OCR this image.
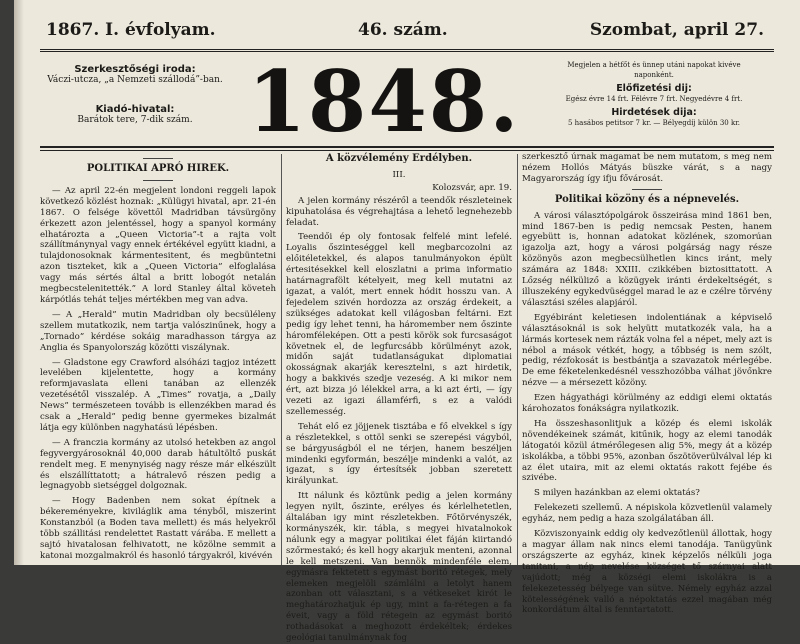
1867. I. évfolyam.	46. szám.	Szombat, april 27.
Szerkesztőségi iroda:
Váczi-utcza, „a Nemzeti szállodá”-ban.
Kiadó-hivatal:
Barátok tere, 7-dik szám. 1848.	Megjelen a hétfőt és ünnep utáni napokat kivéve naponként.
Előfizetési dij:
Egész évre 14 frt. Félévre 7 frt. Negyedévre 4 frt.
Hirdetések dija:
5 hasábos petitsor 7 kr. — Bélyegdíj külön 30 kr.

POLITIKAI APRÓ HIREK.

— Az april 22-én megjelent londoni reggeli lapok következő közlést hoznak: „Külügyi hivatal, apr. 21-én 1867. O felsége követtől Madridban távsürgöny érkezett azon jelentéssel, hogy a spanyol kormány elhatározta a „Queen Victoria”-t a rajta volt szállítmánynyal vagy ennek értékével együtt kiadni, a tulajdonosoknak kármentesitent, és megbüntetni azon tiszteket, kik a „Queen Victoria” elfoglalása vagy más sértés által a britt lobogót netalán megbecstelenitették.” A lord Stanley által követeh kárpótlás tehát teljes mértékben meg van adva.

— A „Herald” mutin Madridban oly becsüléleny szellem mutatkozik, nem tartja valószinűnek, hogy a „Tornado” kérdése sokáig maradhasson tárgya az Anglia és Spanyolország közötti viszálynak.

— Gladstone egy Crawford alsóházi tagjoz intézett levelében kijelentette, hogy a kormány reformjavaslata elleni tanában az ellenzék vezetésétől visszalép. A „Times” rovatja, a „Daily News” természeteen tovább is ellenzékben marad és csak a „Herald” pedig benne gyermekes bizalmát látja egy különben nagyhatású lépésben.

— A franczia kormány az utolsó hetekben az angol fegyvergyárosoknál 40,000 darab hátultöltő puskát rendelt meg. E menynyiség nagy része már elkészült és elszállíttatott; a hátralevő részen pedig a legnagyobb sietséggel dolgoznak.

— Hogy Badenben nem sokat építnek a békereményekre, kiviláglik ama tényből, miszerint Konstanzból (a Boden tava mellett) és más helyekről több szállitási rendelettet Rastatt várába. E mellett a sajtó hivatalosan felhivatott, ne közölne semmit a katonai mozgalmakról és hasonló tárgyakról, kivévén

A közvélemény Erdélyben.

III.

Kolozsvár, apr. 19.

A jelen kormány részéről a teendők részleteinek kipuhatolása és végrehajtása a lehető legnehezebb feladat.

Teendői ép oly fontosak felfelé mint lefelé. Loyalis őszinteséggel kell megbarcozolni az előitéletekkel, és alapos tanulmányokon épült értesitésekkel kell eloszlatni a prima informatio határnagrafölt kételyeit, meg kell mutatni az igazat, a valót, mert ennek hódit hosszu van. A fejedelem szivén hordozza az ország érdekeit, a szükséges adatokat kell világosban feltárni. Ezt pedig így lehet tenni, ha háromember nem őszinte háromféleképen. Ott a pesti körök sok furcsaságot követnek el, de legfurcsább körülményt azok, midőn saját tudatlanságukat diplomatiai okosságnak akarják keresztelni, s azt hirdetik, hogy a bakkivés szedje vezeség. A ki mikor nem ért, azt bizza jó lélekkel arra, a ki azt érti, — így vezeti az igazi államférfi, s ez a valódi szellemesség.

Tehát elő ez jöjjenek tisztába e fő elvekkel s így a részletekkel, s ottöl senki se szerepési vágyból, se bárgyuságból el ne térjen, hanem beszéljen mindenki egyformán, beszélje mindenki a valót, az igazat, s így értesítsék jobban szeretett királyunkat.

Itt nálunk és köztünk pedig a jelen kormány legyen nyilt, őszinte, erélyes és kérlelhetetlen, általában igy mint részletekben. Főtörvényszék, kormányszék, kir. tábla, s megyei hivatalnokok nálunk egy a magyar politikai élet fáján kiirtandó szőrmestakó; és kell hogy akarjuk menteni, azonnal le kell metszeni. Van bennök mindenféle elem, egymásra fektetett s egymást boritó rétegek, mely elemeken megjelöli számlálni a letolyt hanem azonban ott választani, s a vétkeseket kirót le meghatározhatjuk ép ugy, mint a fa-rétegen a fa éveit, vagy a föld rétegein az egymást boritó rothadásokat a meghozott érdekéltek; érdekes geológiai tanulmánynak fog

szerkesztő úrnak magamat be nem mutatom, s meg nem nézem Hollós Mátyás büszke várát, s a nagy Magyarország így ifju fővárosát.

Politikai közöny és a népnevelés.

A városi választópolgárok összeirása mind 1861 ben, mind 1867-ben is pedig nemcsak Pesten, hanem egyebütt is, honnan adatokat közlének, szomorúan igazolja azt, hogy a városi polgárság nagy része közönyös azon megbecsülhetlen kincs iránt, mely számára az 1848: XXIII. czikkében biztosittatott. A Lőzség nélküliző a közügyek iránti érdekeltségét, s illuszekény egykedvüséggel marad le az e czélre törvény választási széles alapjáról.

Egyébiránt keletiesen indolentiának a képviselő választásoknál is sok helyütt mutatkozék vala, ha a lármás kortesek nem rázták volna fel a népet, mely azt is nébol a mások vétkét, hogy, a tőbbség is nem szólt, pedig, rézfokosát is bestbántja a szavazatok mérlegébe. De eme féketelenkedésnél vesszhozóbba válhat jövőnkre nézve — a mérsezett közöny.

Ezen hágyathági körülmény az eddigi elemi oktatás károhozatos fonákságra nyilatkozik.

Ha összeshasonlitjuk a közép és elemi iskolák növendékeinek számát, kitűnik, hogy az elemi tanodák látogatói közül átmérőlegesen alig 5%, megy át a közép iskolákba, a többi 95%, azonban őszötöverülválval lép ki az élet utaira, mit az elemi oktatás rakott fejébe és szivébe.

S milyen hazánkban az elemi oktatás?

Felekezeti szellemű. A népiskola közvetlenül valamely egyház, nem pedig a haza szolgálatában áll.

Közviszonyaink eddig oly kedvezőtlenül állottak, hogy a magyar állam nak nincs elemi tanodája. Tanügyünk országszerte az egyház, kinek képzelős nélküli joga tanitani, a nép nevelése községet tő szárnyai alatt vajúdott; még a községi elemi iskolákra is a felekezetesség bélyege van sütve. Némely egyház azzal kötelességének valló a népoktatás ezzel magában még konkordátum által is fenntartatott.
